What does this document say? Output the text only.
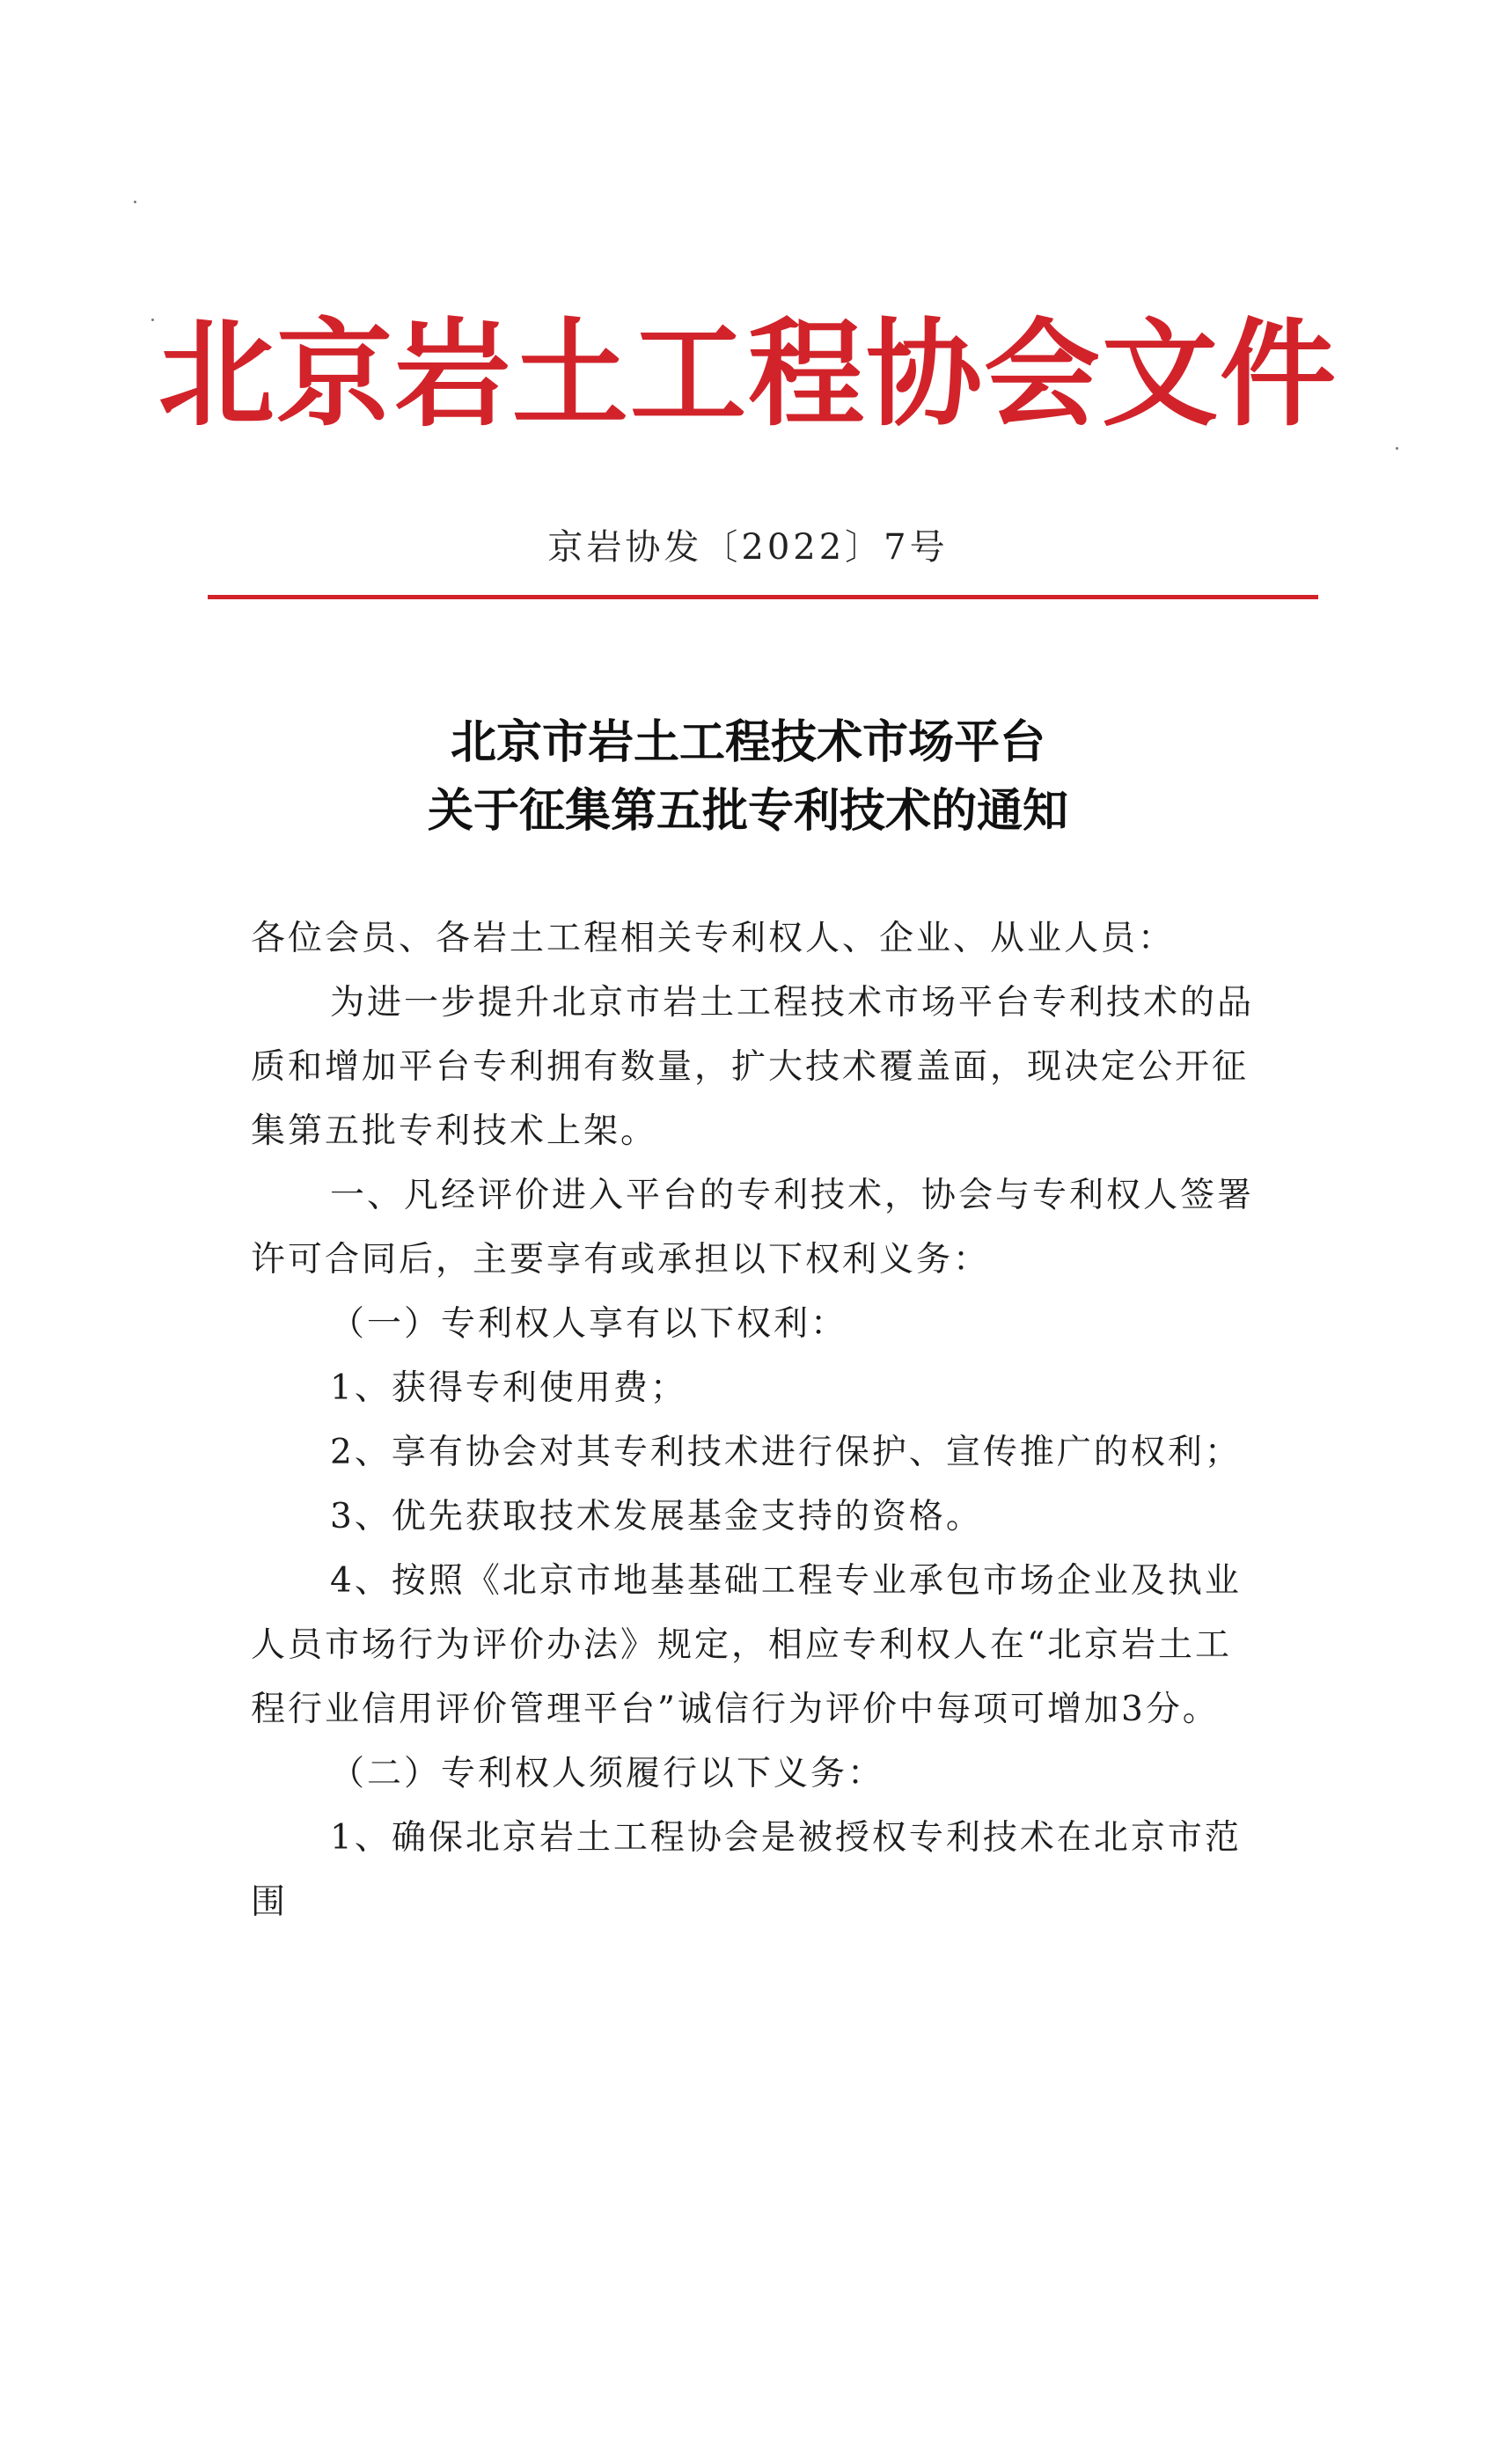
北京岩土工程协会文件
京岩协发〔2022〕7号
北京市岩土工程技术市场平台
关于征集第五批专利技术的通知

各位会员、各岩土工程相关专利权人、企业、从业人员：

为进一步提升北京市岩土工程技术市场平台专利技术的品质和增加平台专利拥有数量，扩大技术覆盖面，现决定公开征集第五批专利技术上架。

一、凡经评价进入平台的专利技术，协会与专利权人签署许可合同后，主要享有或承担以下权利义务：

（一）专利权人享有以下权利：

1、获得专利使用费；

2、享有协会对其专利技术进行保护、宣传推广的权利；

3、优先获取技术发展基金支持的资格。

4、按照《北京市地基基础工程专业承包市场企业及执业人员市场行为评价办法》规定，相应专利权人在“北京岩土工程行业信用评价管理平台”诚信行为评价中每项可增加3分。

（二）专利权人须履行以下义务：

1、确保北京岩土工程协会是被授权专利技术在北京市范围
